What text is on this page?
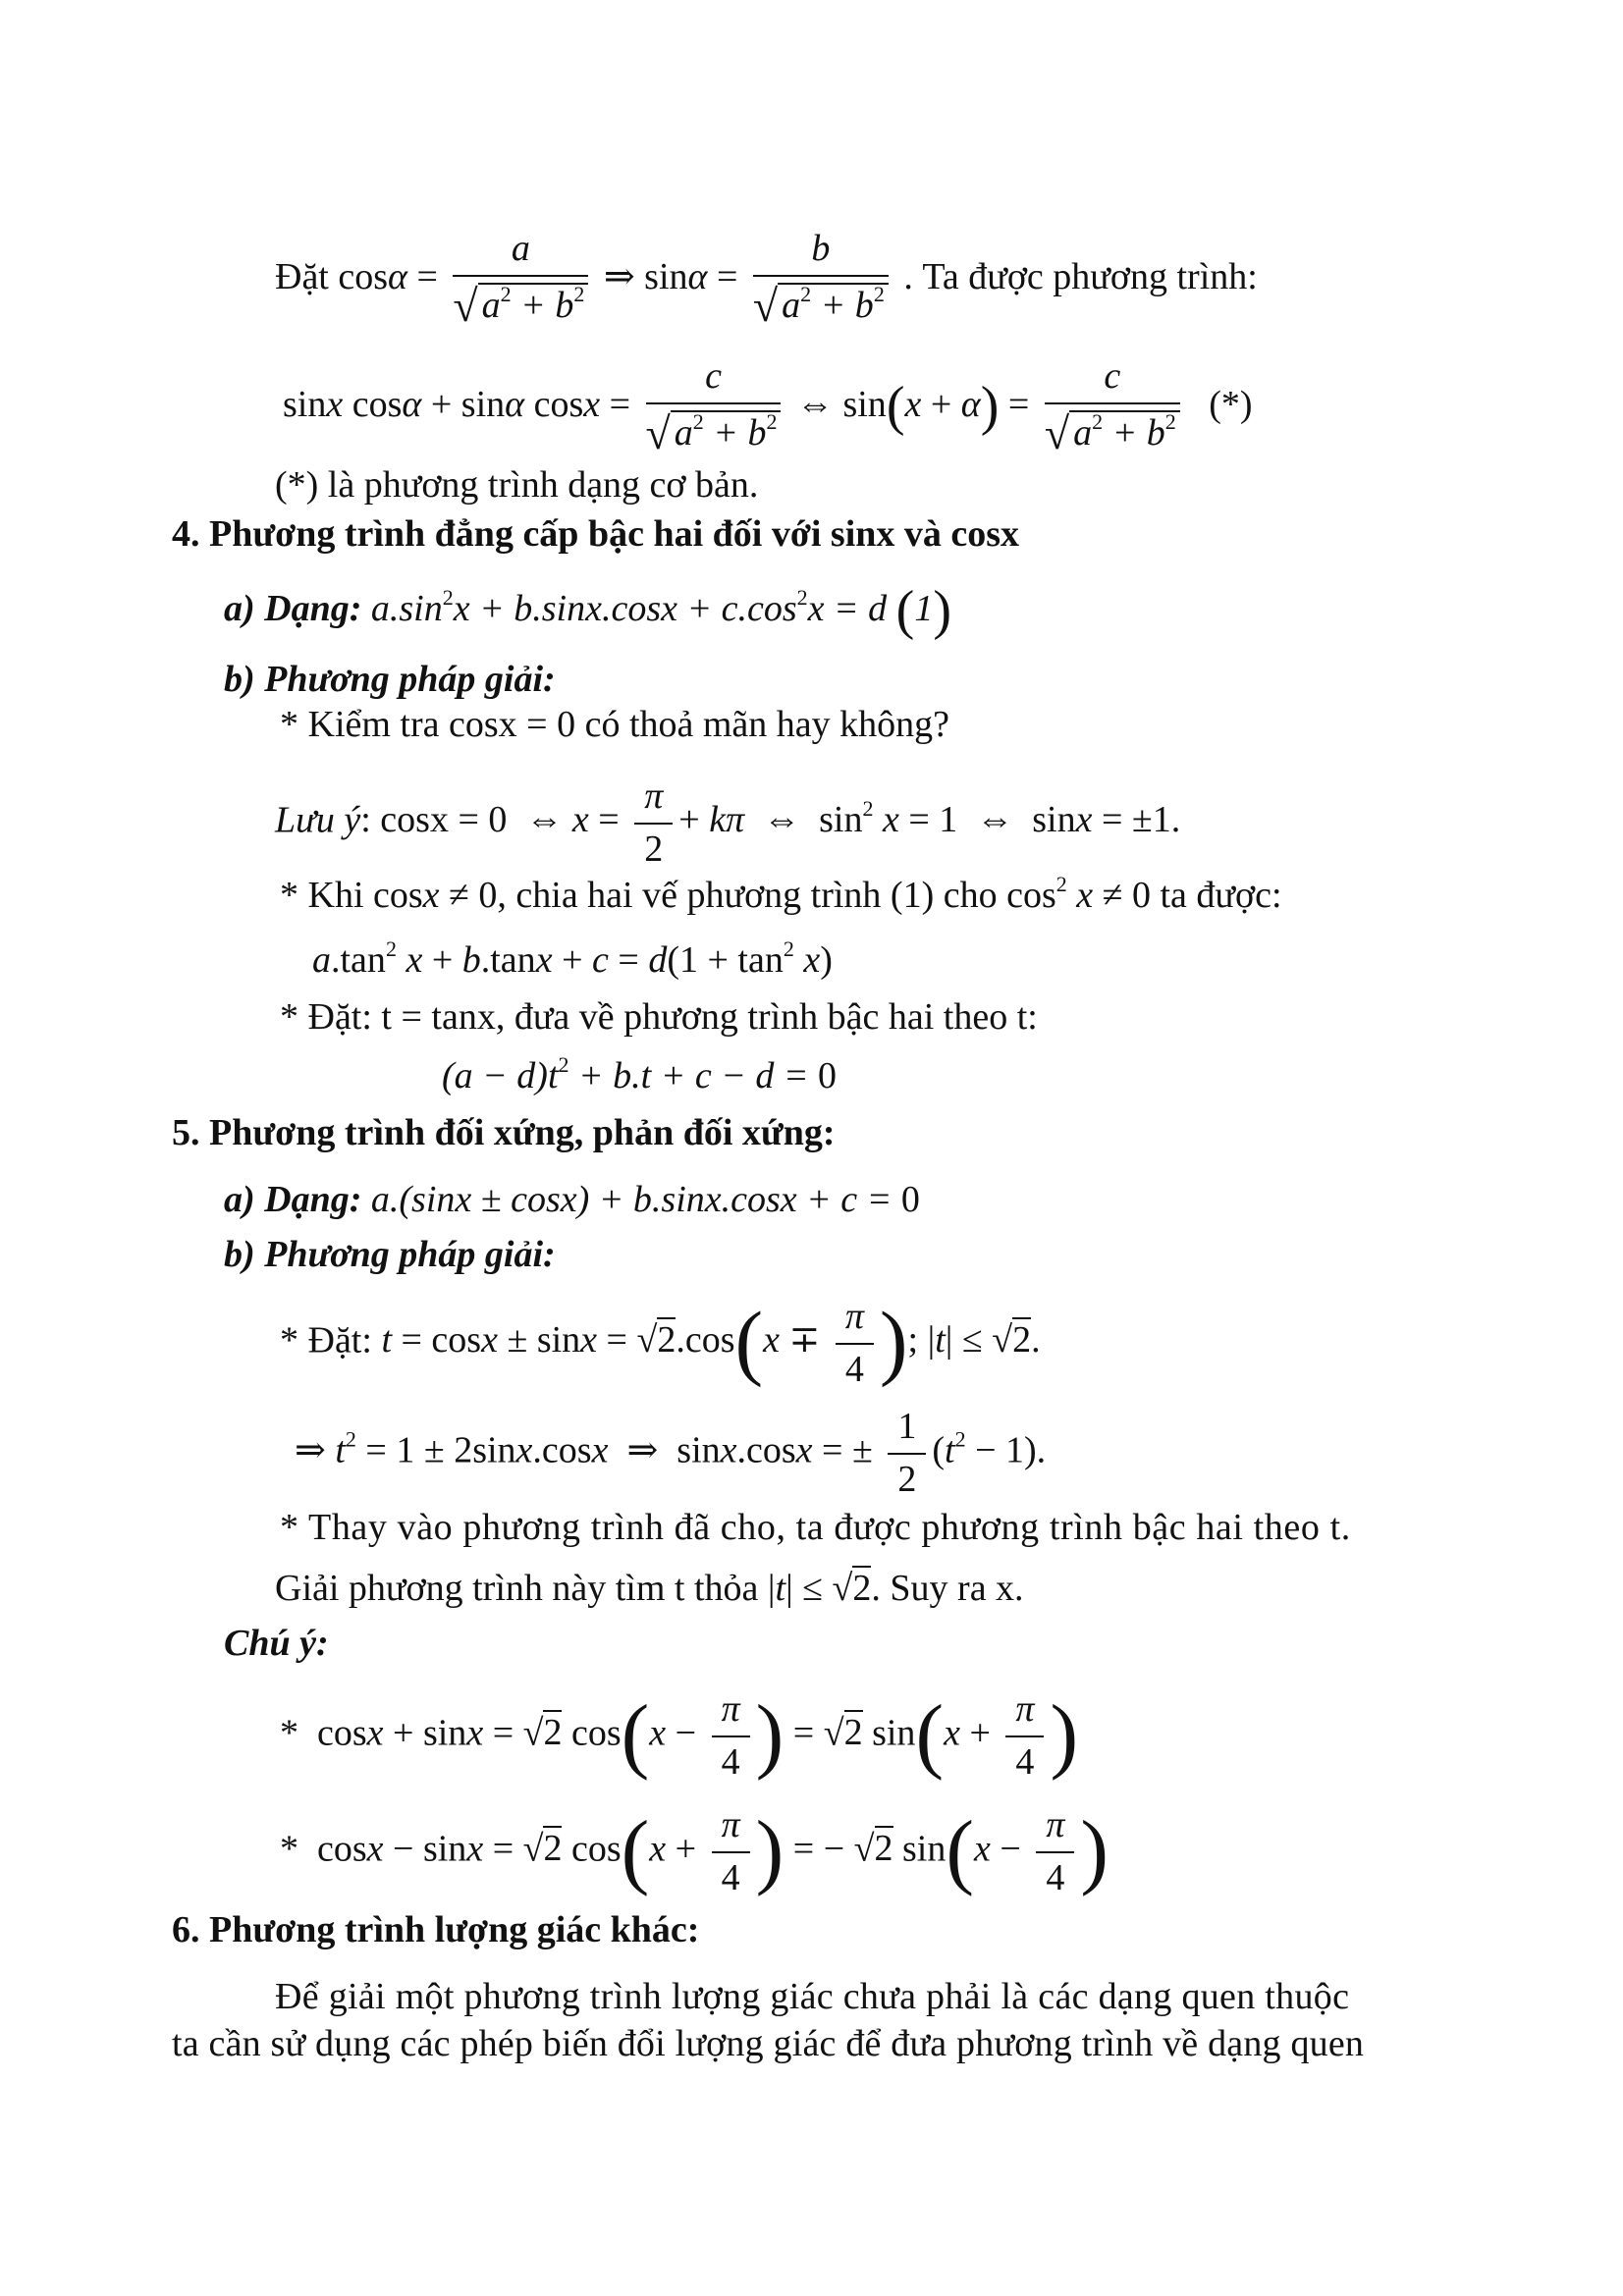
Đặt $\cos\alpha = \frac{a}{√ a^2 + b^2}$ ⇒ $\sin\alpha = \frac{b}{√ a^2 + b^2}$ . Ta được phương trình:
sinx cosα + sinα $\cos x = \frac{c}{√ a^2 + b^2}$ ⇔ $\sin(x + \alpha) = \frac{c}{√ a^2 + b^2}$ (*)
(*) là phương trình dạng cơ bản.
4. Phương trình đẳng cấp bậc hai đối với sinx và cosx
a) Dạng: $a.\sin^2x + b.\sin x.\cos x + c.\cos^2x = d$ (1)
b) Phương pháp giải:
* Kiểm tra cosx = 0 có thoả mãn hay không?
Lưu ý: cosx = 0  ⇔ $x = \frac{\pi}{2} + k\pi$  ⇔  $\sin^2 x = 1$  ⇔  sinx = ±1.
* Khi cosx ≠ 0, chia hai vế phương trình (1) cho $\cos^2 x \ne 0$ ta được:
$a.\tan^2$ $x + b.\tan x + c = d(1 + \tan^2 x)$
* Đặt: t = tanx, đưa về phương trình bậc hai theo t:
$(a - d)t^2 + b.t + c - d = 0$
5. Phương trình đối xứng, phản đối xứng:
a) Dạng: a.(sinx ± cosx) + b.sinx.cosx + c = 0
b) Phương pháp giải:
* Đặt: $t = \cos x \pm \sin x = √2.\cos(x \mp \frac{\pi}{4}$ ); |t| ≤ √2.
⇒ $t^2 = 1 \pm 2\sin x.\cos x$  ⇒  sinx.cosx = ± $\frac{1}{2} (t^2 - 1)$.
* Thay vào phương trình đã cho, ta được phương trình bậc hai theo t.
Giải phương trình này tìm t thỏa |t| ≤ √2. Suy ra x.
Chú ý:
*  cosx + sinx = √2 $\cos(x - \frac{\pi}{4}$ ) = √2 $\sin(x + \frac{\pi}{4}$ )
*  cosx − sinx = √2 $\cos(x + \frac{\pi}{4}$ ) = − √2 $\sin(x - \frac{\pi}{4}$ )
6. Phương trình lượng giác khác:
Để giải một phương trình lượng giác chưa phải là các dạng quen thuộc
ta cần sử dụng các phép biến đổi lượng giác để đưa phương trình về dạng quen
